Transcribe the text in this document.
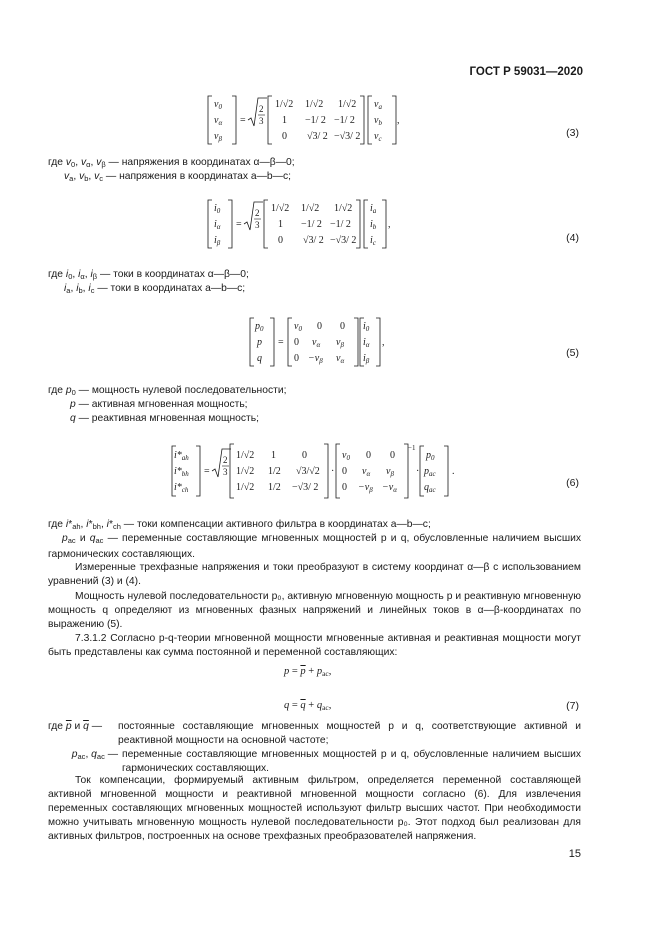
ГОСТ Р 59031—2020
$v_0$
$v_\alpha$
$v_\beta$
=
2
3
1/√2 1/√2 1/√2
1 −1/ 2 −1/ 2
0 √3/ 2 −√3/ 2
$v_a$
$v_b$
$v_c$
,
(3)
где $v_0$, $v_\alpha$, $v_\beta$ — напряжения в координатах α—β—0;
$v_a$, $v_b$, $v_c$ — напряжения в координатах a—b—c;
$i_0$
$i_\alpha$
$i_\beta$
=
2
3
1/√2 1/√2 1/√2
1 −1/ 2 −1/ 2
0 √3/ 2 −√3/ 2
$i_a$
$i_b$
$i_c$
,
(4)
где $i_0$, $i_\alpha$, $i_\beta$ — токи в координатах α—β—0;
$i_a$, $i_b$, $i_c$ — токи в координатах a—b—c;
$p_0$
p
q
=
$v_0$ 0 0
0 $v_\alpha$ $v_\beta$
$0 -v_\beta$ $v_\alpha$
$i_0$
$i_\alpha$
$i_\beta$
,
(5)
где $p_0$ — мощность нулевой последовательности;
p — активная мгновенная мощность;
q — реактивная мгновенная мощность;
$i*_{ah}$
$i*_{bh}$
$i*_{ch}$
=
2
3
1/√2 1	0
1/√2 1/2 √3/√2
1/√2 1/2 −√3/ 2
·
$v_0$ 0 0
0 $v_\alpha$ $v_\beta$
$0 -v_\beta -v_\alpha$
−1
·
$p_0$
$p_{ac}$
$q_{ac}$
.
(6)
где $i*_{ah}$, $i*_{bh}$, $i*_{ch}$ — токи компенсации активного фильтра в координатах a—b—c;
$p_{ac}$ и $q_{ac}$ — переменные составляющие мгновенных мощностей p и q, обусловленные наличием высших гармонических составляющих.
Измеренные трехфазные напряжения и токи преобразуют в систему координат α—β с использованием уравнений (3) и (4).
Мощность нулевой последовательности p₀, активную мгновенную мощность p и реактивную мгновенную мощность q определяют из мгновенных фазных напряжений и линейных токов в α—β-координатах по выражению (5).
7.3.1.2 Согласно p-q-теории мгновенной мощности мгновенные активная и реактивная мощности могут быть представлены как сумма постоянной и переменной составляющих:
$p = \overline{p} + p_{ac}$,
$q = \overline{q} + q_{ac}$,	(7)
где $\overline{p}$ и $\overline{q}$ —	постоянные составляющие мгновенных мощностей p и q, соответствующие активной и реактивной мощности на основной частоте;
$p_{ac}$, $q_{ac}$ — переменные составляющие мгновенных мощностей p и q, обусловленные наличием высших гармонических составляющих.
Ток компенсации, формируемый активным фильтром, определяется переменной составляющей активной мгновенной мощности и реактивной мгновенной мощности согласно (6). Для извлечения переменных составляющих мгновенных мощностей используют фильтр высших частот. При необходимости можно учитывать мгновенную мощность нулевой последовательности p₀. Этот подход был реализован для активных фильтров, построенных на основе трехфазных преобразователей напряжения.
15
